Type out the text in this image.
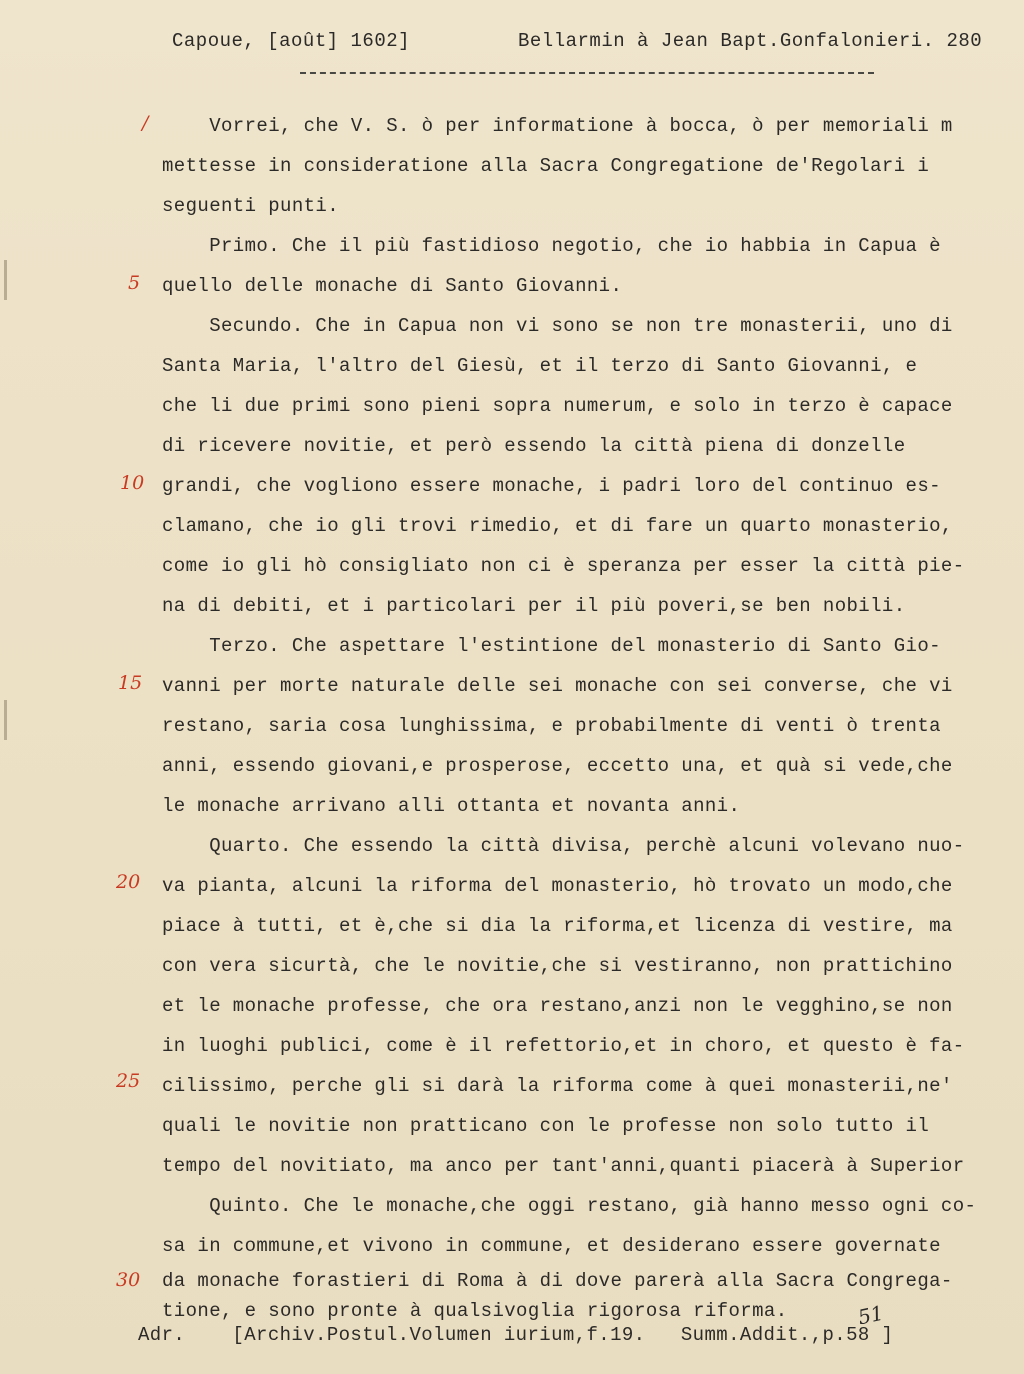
Capoue, [août] 1602]	Bellarmin à Jean Bapt.Gonfalonieri. 280
/
5
10
15
20
25
30
Vorrei, che V. S. ò per informatione à bocca, ò per memoriali m
mettesse in consideratione alla Sacra Congregatione de'Regolari i
seguenti punti.
Primo. Che il più fastidioso negotio, che io habbia in Capua è
quello delle monache di Santo Giovanni.
Secundo. Che in Capua non vi sono se non tre monasterii, uno di
Santa Maria, l'altro del Giesù, et il terzo di Santo Giovanni, e
che li due primi sono pieni sopra numerum, e solo in terzo è capace
di ricevere novitie, et però essendo la città piena di donzelle
grandi, che vogliono essere monache, i padri loro del continuo es-
clamano, che io gli trovi rimedio, et di fare un quarto monasterio,
come io gli hò consigliato non ci è speranza per esser la città pie-
na di debiti, et i particolari per il più poveri,se ben nobili.
Terzo. Che aspettare l'estintione del monasterio di Santo Gio-
vanni per morte naturale delle sei monache con sei converse, che vi
restano, saria cosa lunghissima, e probabilmente di venti ò trenta
anni, essendo giovani,e prosperose, eccetto una, et quà si vede,che
le monache arrivano alli ottanta et novanta anni.
Quarto. Che essendo la città divisa, perchè alcuni volevano nuo-
va pianta, alcuni la riforma del monasterio, hò trovato un modo,che
piace à tutti, et è,che si dia la riforma,et licenza di vestire, ma
con vera sicurtà, che le novitie,che si vestiranno, non prattichino
et le monache professe, che ora restano,anzi non le vegghino,se non
in luoghi publici, come è il refettorio,et in choro, et questo è fa-
cilissimo, perche gli si darà la riforma come à quei monasterii,ne'
quali le novitie non pratticano con le professe non solo tutto il
tempo del novitiato, ma anco per tant'anni,quanti piacerà à Superior
Quinto. Che le monache,che oggi restano, già hanno messo ogni co-
sa in commune,et vivono in commune, et desiderano essere governate
da monache forastieri di Roma à di dove parerà alla Sacra Congrega-
tione, e sono pronte à qualsivoglia rigorosa riforma.	51
Adr.    [Archiv.Postul.Volumen iurium,f.19.   Summ.Addit.,p.58 ]
